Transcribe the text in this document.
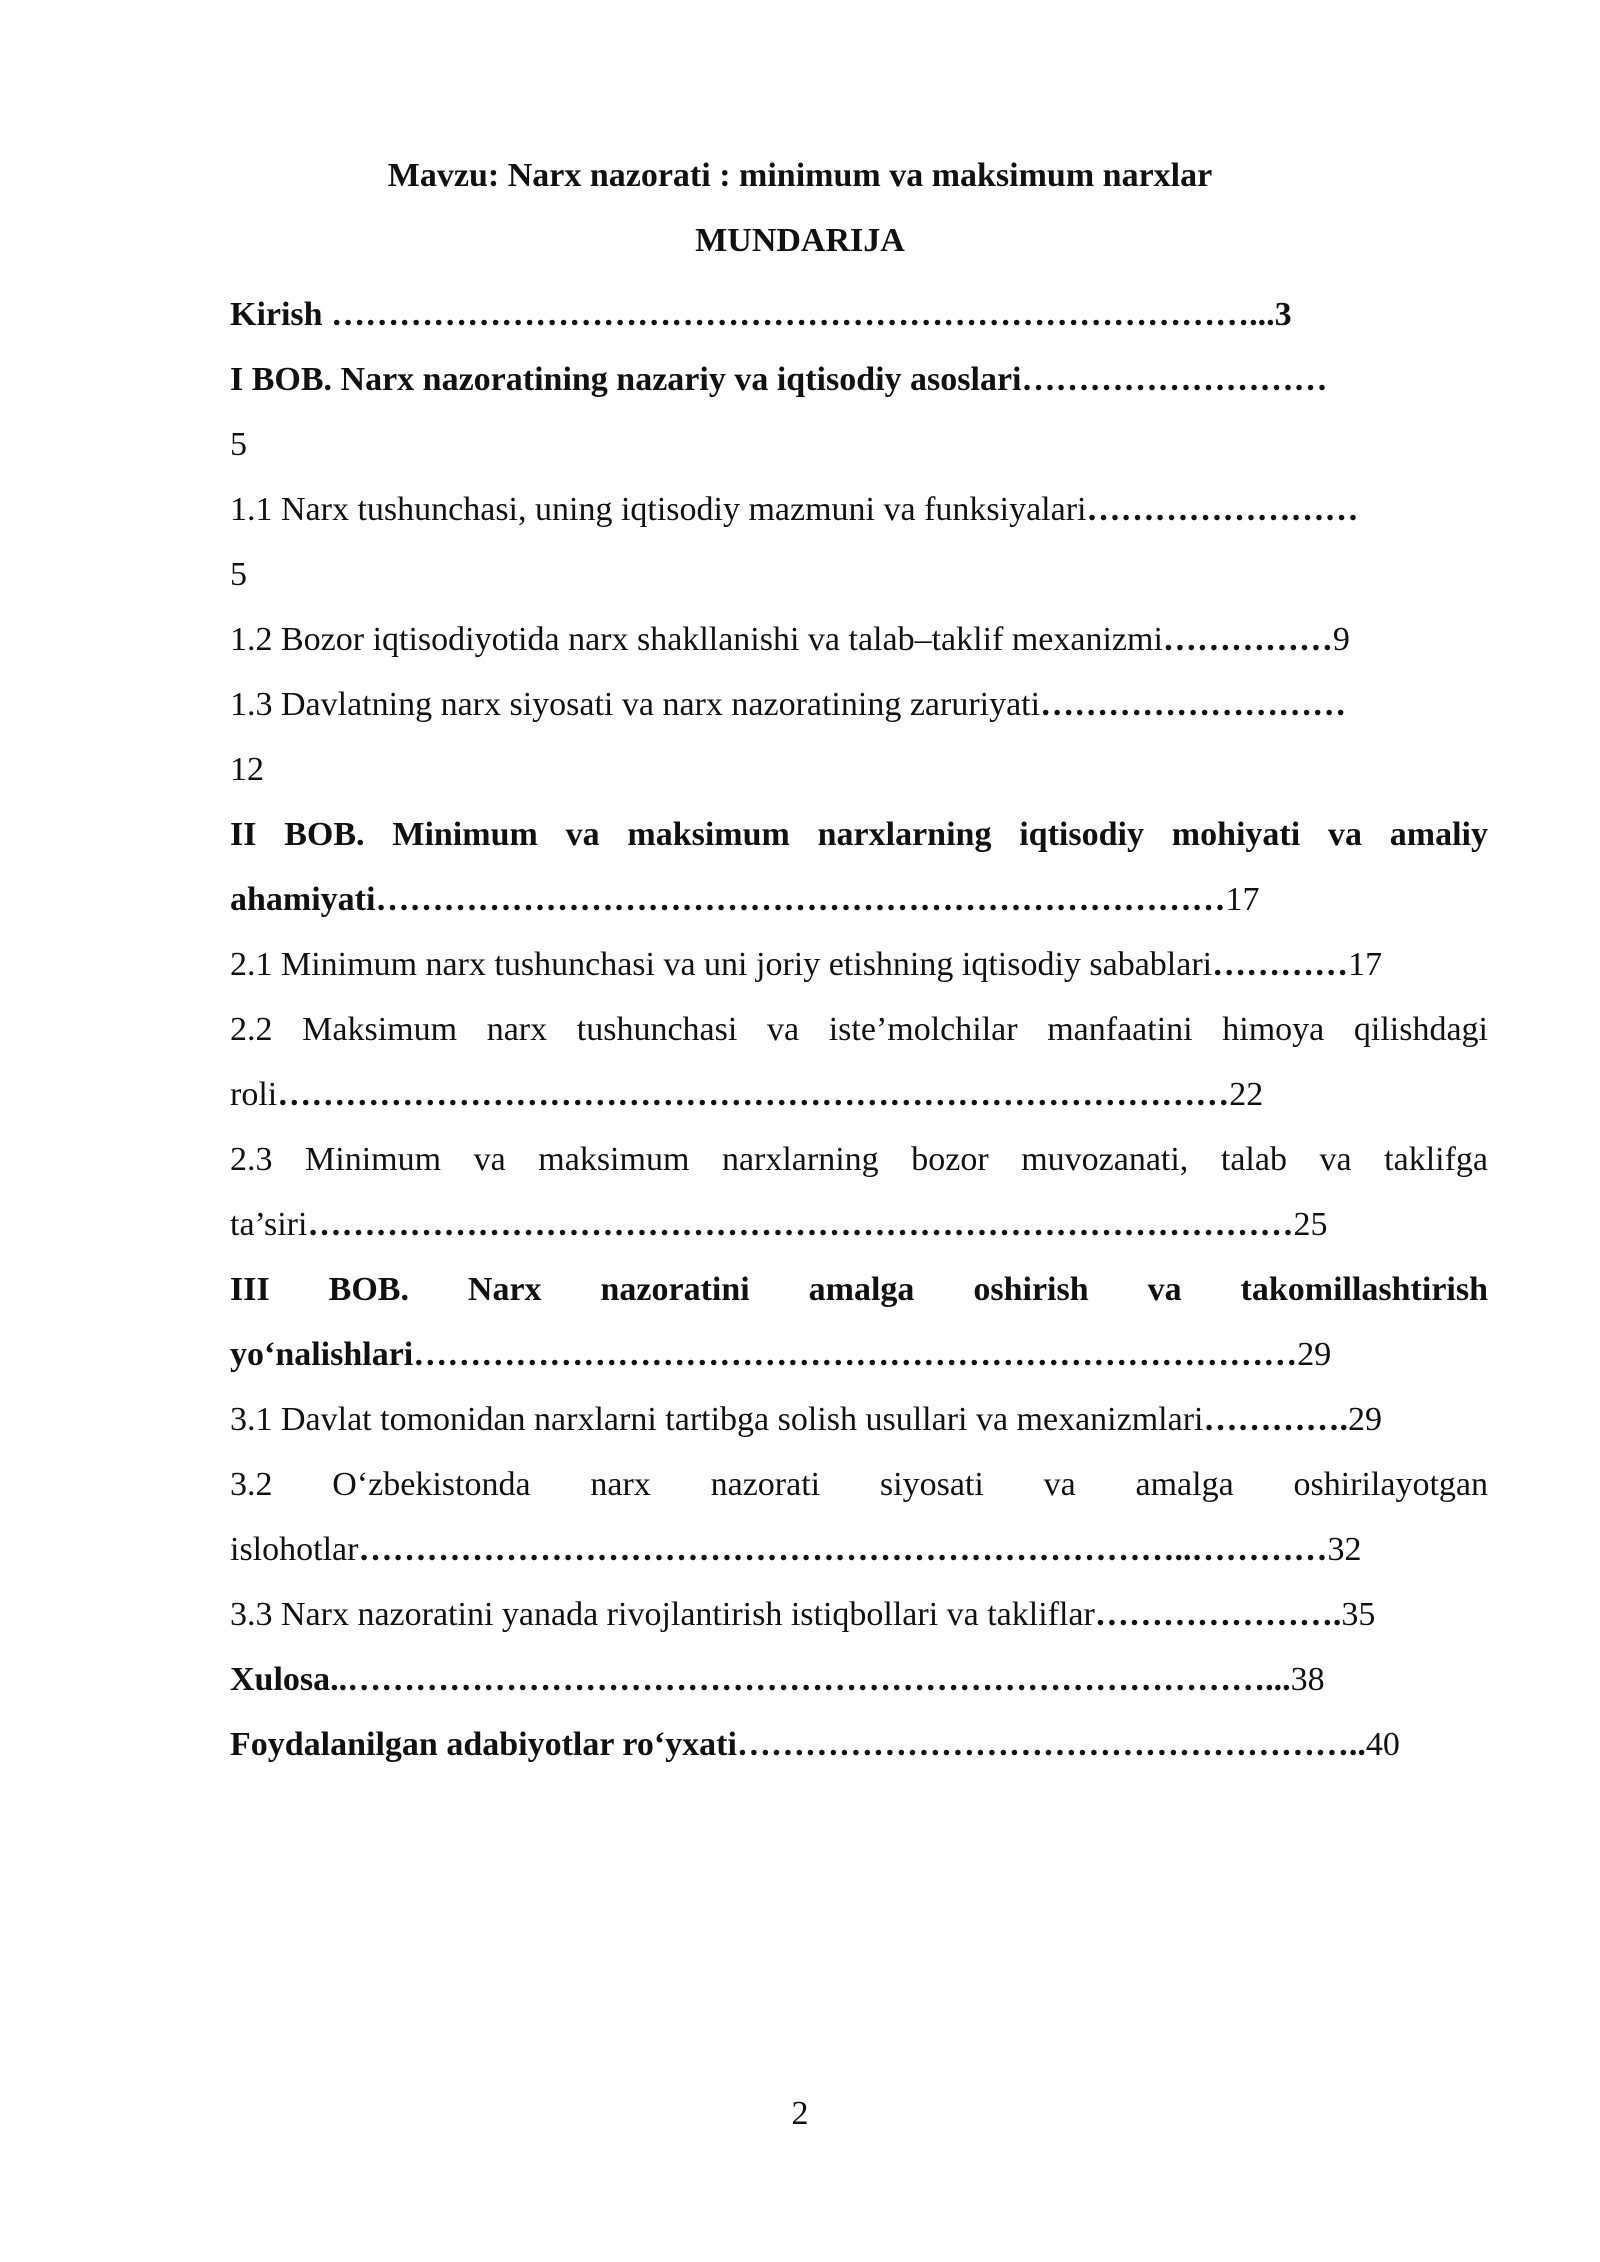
Mavzu: Narx nazorati : minimum va maksimum narxlar
MUNDARIJA

Kirish ………………………………………………………………………...3

I BOB. Narx nazoratining nazariy va iqtisodiy asoslari………………………
5

1.1 Narx tushunchasi, uning iqtisodiy mazmuni va funksiyalari……………………
5

1.2 Bozor iqtisodiyotida narx shakllanishi va talab–taklif mexanizmi……………9

1.3 Davlatning narx siyosati va narx nazoratining zaruriyati………………………
12

II BOB. Minimum va maksimum narxlarning iqtisodiy mohiyati va amaliy ahamiyati…………………………………………………………………17

2.1 Minimum narx tushunchasi va uni joriy etishning iqtisodiy sabablari…………17

2.2 Maksimum narx tushunchasi va iste’molchilar manfaatini himoya qilishdagi roli…………………………………………………………………………22

2.3 Minimum va maksimum narxlarning bozor muvozanati, talab va taklifga ta’siri……………………………………………………………………………25

III BOB. Narx nazoratini amalga oshirish va takomillashtirish yo‘nalishlari……………………………………………………………………29

3.1 Davlat tomonidan narxlarni tartibga solish usullari va mexanizmlari………….29

3.2 O‘zbekistonda narx nazorati siyosati va amalga oshirilayotgan islohotlar………………………………………………………………..…………32

3.3 Narx nazoratini yanada rivojlantirish istiqbollari va takliflar………………….35

Xulosa..………………………………………………………………………...38

Foydalanilgan adabiyotlar ro‘yxati………………………………………………..40

2
